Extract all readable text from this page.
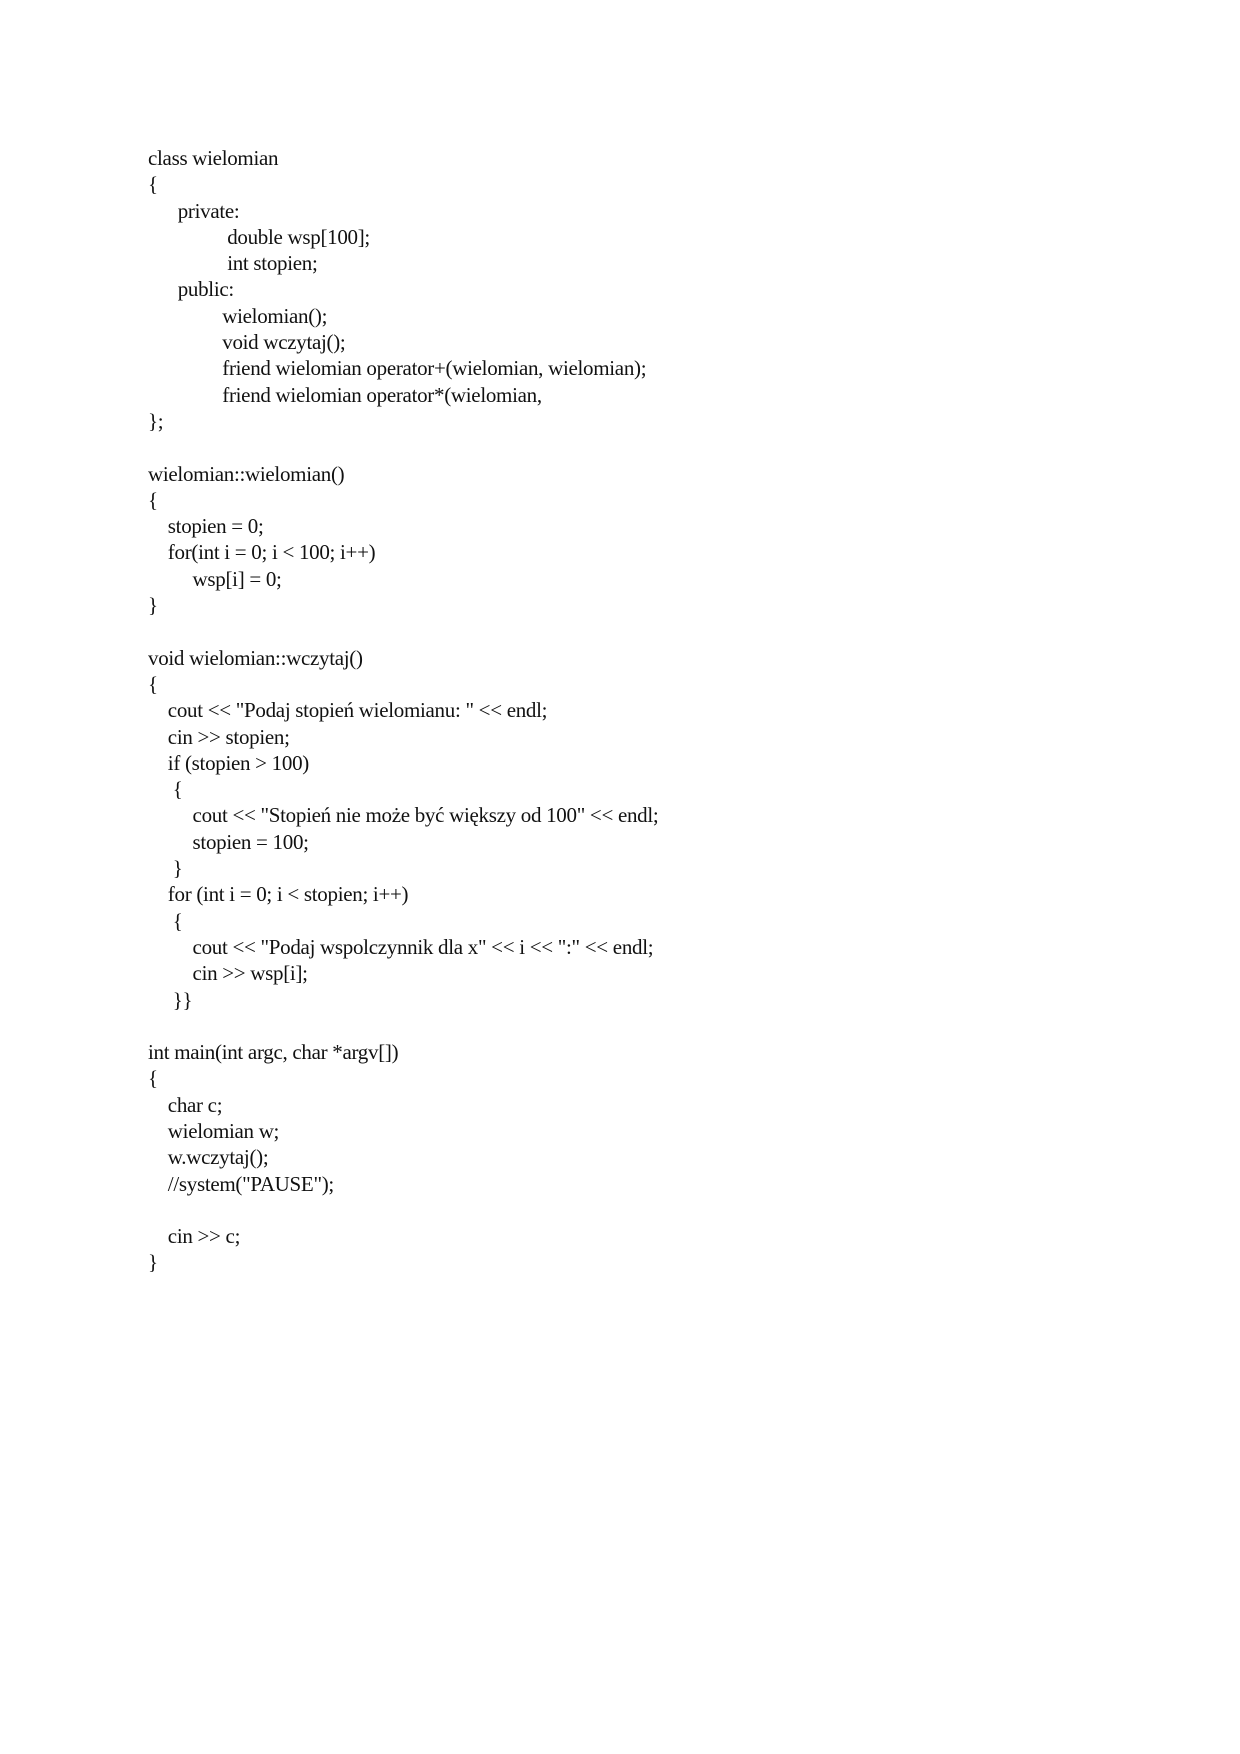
class wielomian
{
private:
double wsp[100];
int stopien;
public:
wielomian();
void wczytaj();
friend wielomian operator+(wielomian, wielomian);
friend wielomian operator*(wielomian,
};
wielomian::wielomian()
{
stopien = 0;
for(int i = 0; i < 100; i++)
wsp[i] = 0;
}
void wielomian::wczytaj()
{
cout << "Podaj stopień wielomianu: " << endl;
cin >> stopien;
if (stopien > 100)
{
cout << "Stopień nie może być większy od 100" << endl;
stopien = 100;
}
for (int i = 0; i < stopien; i++)
{
cout << "Podaj wspolczynnik dla x" << i << ":" << endl;
cin >> wsp[i];
}}
int main(int argc, char *argv[])
{
char c;
wielomian w;
w.wczytaj();
//system("PAUSE");
cin >> c;
}
